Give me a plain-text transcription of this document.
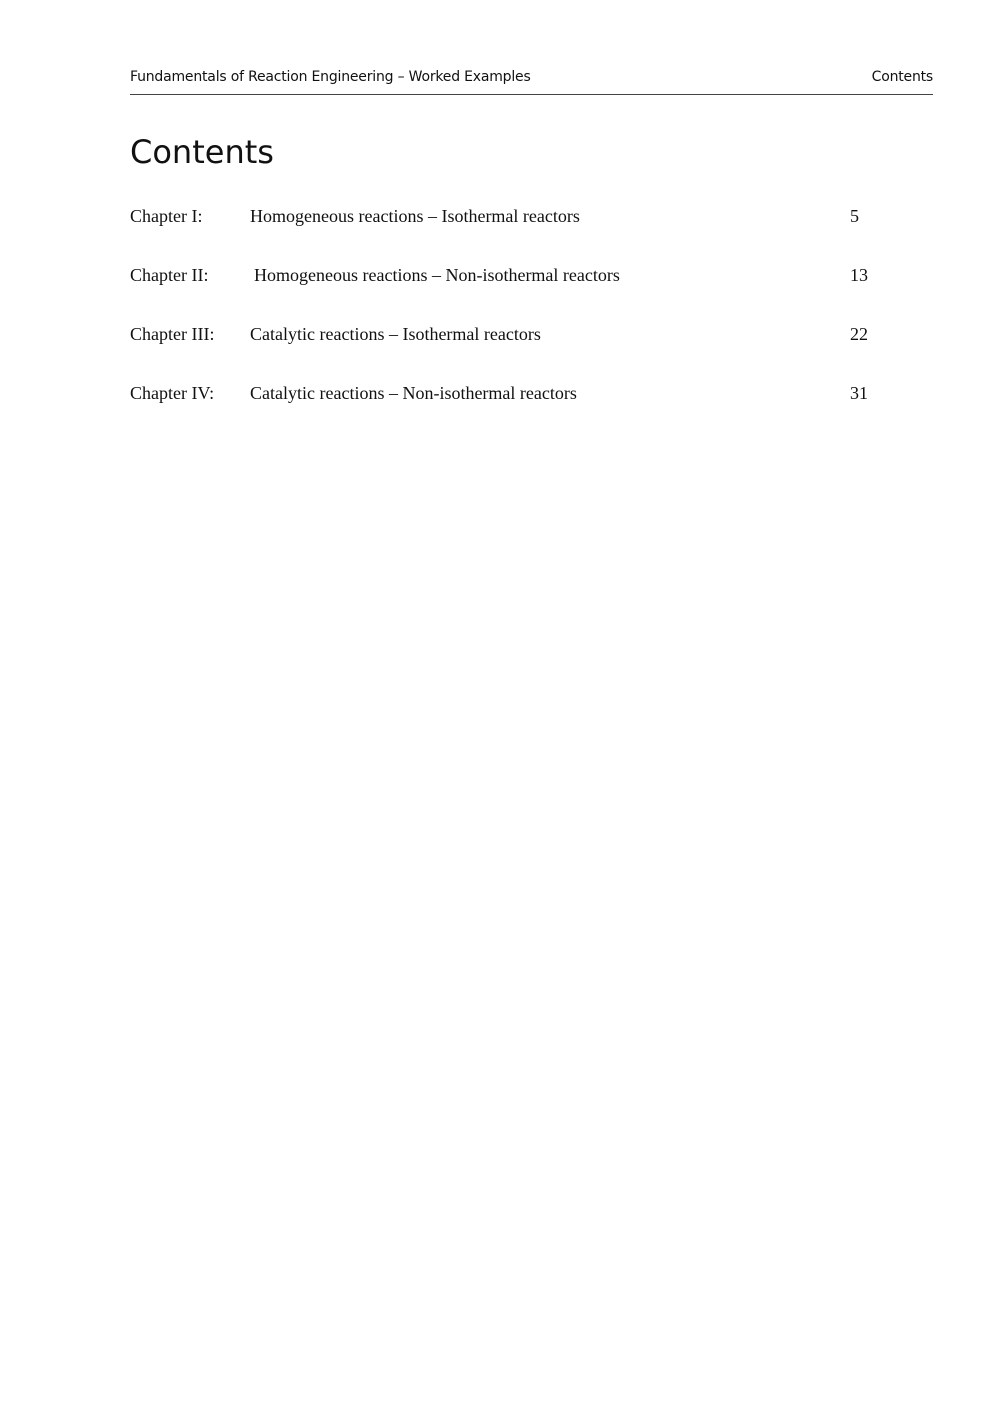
Fundamentals of Reaction Engineering – Worked Examples	Contents
Contents
Chapter I:	Homogeneous reactions – Isothermal reactors	5
Chapter II:	Homogeneous reactions – Non-isothermal reactors	13
Chapter III: Catalytic reactions – Isothermal reactors	22
Chapter IV: Catalytic reactions – Non-isothermal reactors	31
